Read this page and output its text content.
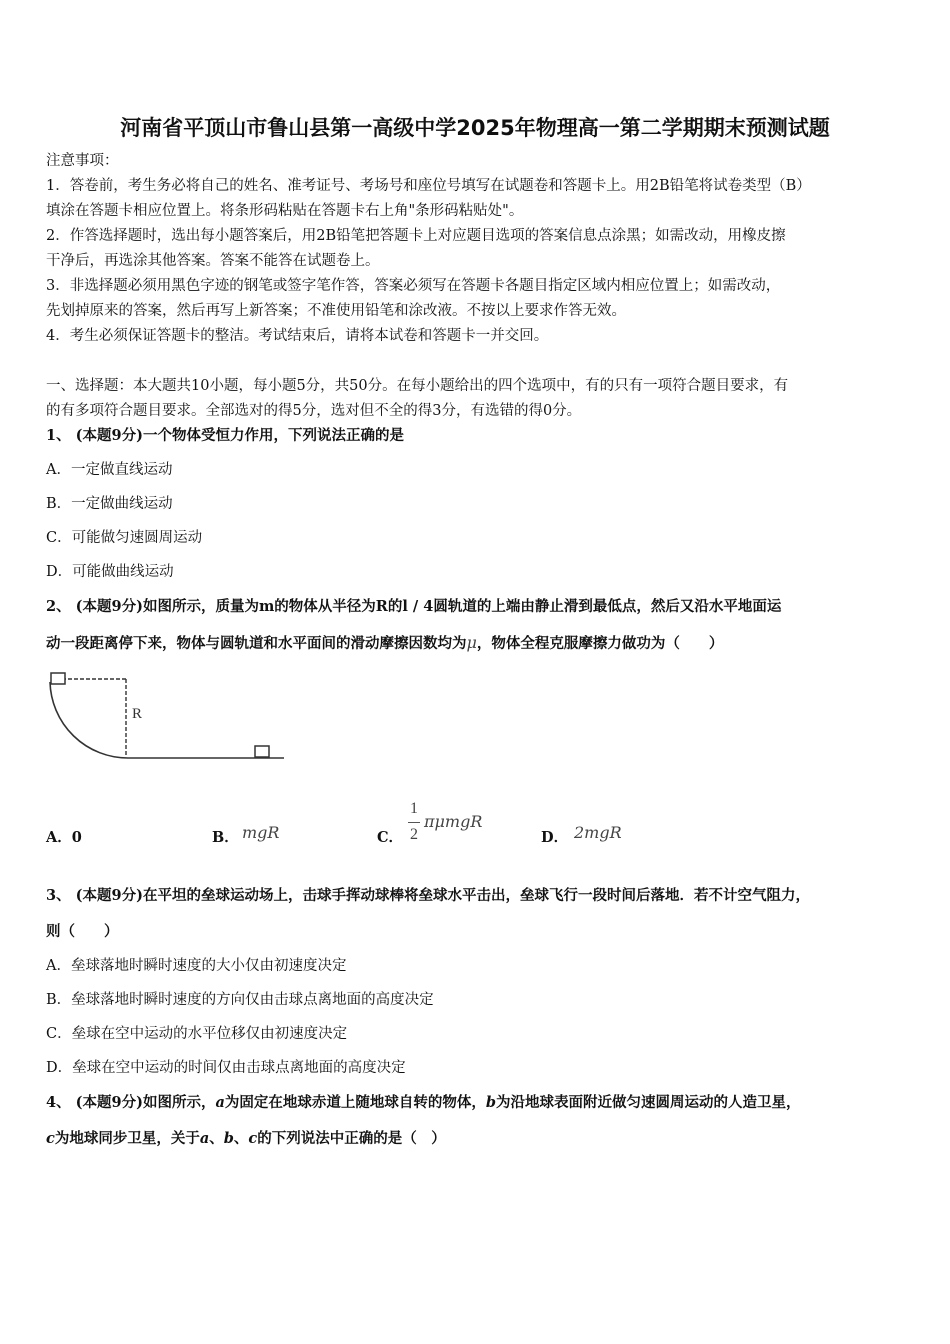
河南省平顶山市鲁山县第一高级中学2025年物理高一第二学期期末预测试题
注意事项：
1．答卷前，考生务必将自己的姓名、准考证号、考场号和座位号填写在试题卷和答题卡上。用2B铅笔将试卷类型（B）
填涂在答题卡相应位置上。将条形码粘贴在答题卡右上角"条形码粘贴处"。
2．作答选择题时，选出每小题答案后，用2B铅笔把答题卡上对应题目选项的答案信息点涂黑；如需改动，用橡皮擦
干净后，再选涂其他答案。答案不能答在试题卷上。
3．非选择题必须用黑色字迹的钢笔或签字笔作答，答案必须写在答题卡各题目指定区域内相应位置上；如需改动，
先划掉原来的答案，然后再写上新答案；不准使用铅笔和涂改液。不按以上要求作答无效。
4．考生必须保证答题卡的整洁。考试结束后，请将本试卷和答题卡一并交回。
一、选择题：本大题共10小题，每小题5分，共50分。在每小题给出的四个选项中，有的只有一项符合题目要求，有
的有多项符合题目要求。全部选对的得5分，选对但不全的得3分，有选错的得0分。
1、 (本题9分)一个物体受恒力作用，下列说法正确的是
A．一定做直线运动
B．一定做曲线运动
C．可能做匀速圆周运动
D．可能做曲线运动
2、 (本题9分)如图所示，质量为m的物体从半径为R的l / 4圆轨道的上端由静止滑到最低点，然后又沿水平地面运
动一段距离停下来，物体与圆轨道和水平面间的滑动摩擦因数均为μ，物体全程克服摩擦力做功为（　　）
R
A．0	B． mgR	C．
1
2
πμmgR
D． 2mgR
3、 (本题9分)在平坦的垒球运动场上，击球手挥动球棒将垒球水平击出，垒球飞行一段时间后落地．若不计空气阻力，
则（　　）
A．垒球落地时瞬时速度的大小仅由初速度决定
B．垒球落地时瞬时速度的方向仅由击球点离地面的高度决定
C．垒球在空中运动的水平位移仅由初速度决定
D．垒球在空中运动的时间仅由击球点离地面的高度决定
4、 (本题9分)如图所示，a为固定在地球赤道上随地球自转的物体，b为沿地球表面附近做匀速圆周运动的人造卫星，
c为地球同步卫星，关于a、b、c的下列说法中正确的是（　）
